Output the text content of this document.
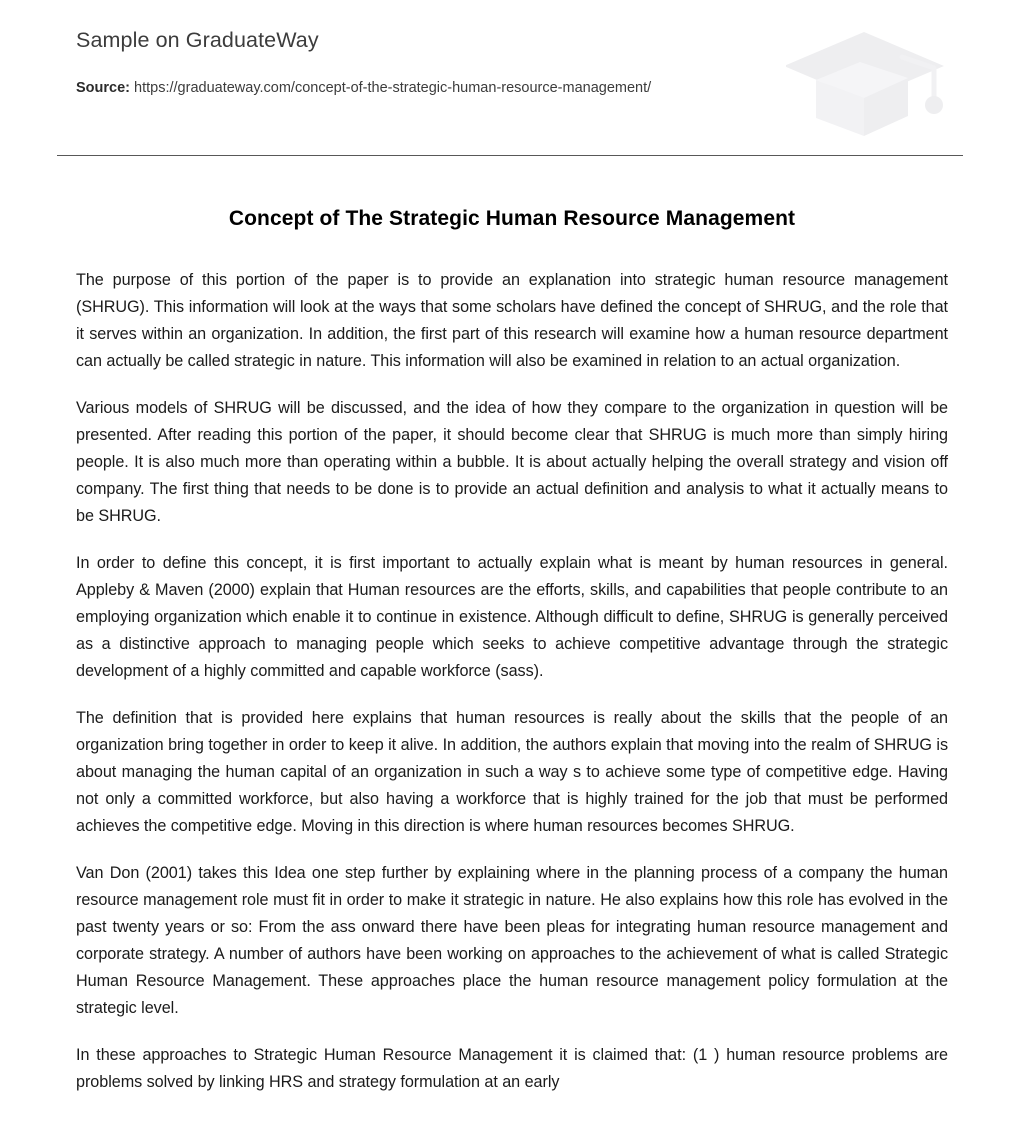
Sample on GraduateWay
Source: https://graduateway.com/concept-of-the-strategic-human-resource-management/
Concept of The Strategic Human Resource Management

The purpose of this portion of the paper is to provide an explanation into strategic human resource management (SHRUG). This information will look at the ways that some scholars have defined the concept of SHRUG, and the role that it serves within an organization. In addition, the first part of this research will examine how a human resource department can actually be called strategic in nature. This information will also be examined in relation to an actual organization.

Various models of SHRUG will be discussed, and the idea of how they compare to the organization in question will be presented. After reading this portion of the paper, it should become clear that SHRUG is much more than simply hiring people. It is also much more than operating within a bubble. It is about actually helping the overall strategy and vision off company. The first thing that needs to be done is to provide an actual definition and analysis to what it actually means to be SHRUG.

In order to define this concept, it is first important to actually explain what is meant by human resources in general. Appleby & Maven (2000) explain that Human resources are the efforts, skills, and capabilities that people contribute to an employing organization which enable it to continue in existence. Although difficult to define, SHRUG is generally perceived as a distinctive approach to managing people which seeks to achieve competitive advantage through the strategic development of a highly committed and capable workforce (sass).

The definition that is provided here explains that human resources is really about the skills that the people of an organization bring together in order to keep it alive. In addition, the authors explain that moving into the realm of SHRUG is about managing the human capital of an organization in such a way s to achieve some type of competitive edge. Having not only a committed workforce, but also having a workforce that is highly trained for the job that must be performed achieves the competitive edge. Moving in this direction is where human resources becomes SHRUG.

Van Don (2001) takes this Idea one step further by explaining where in the planning process of a company the human resource management role must fit in order to make it strategic in nature. He also explains how this role has evolved in the past twenty years or so: From the ass onward there have been pleas for integrating human resource management and corporate strategy. A number of authors have been working on approaches to the achievement of what is called Strategic Human Resource Management. These approaches place the human resource management policy formulation at the strategic level.

In these approaches to Strategic Human Resource Management it is claimed that: (1 ) human resource problems are problems solved by linking HRS and strategy formulation at an early
